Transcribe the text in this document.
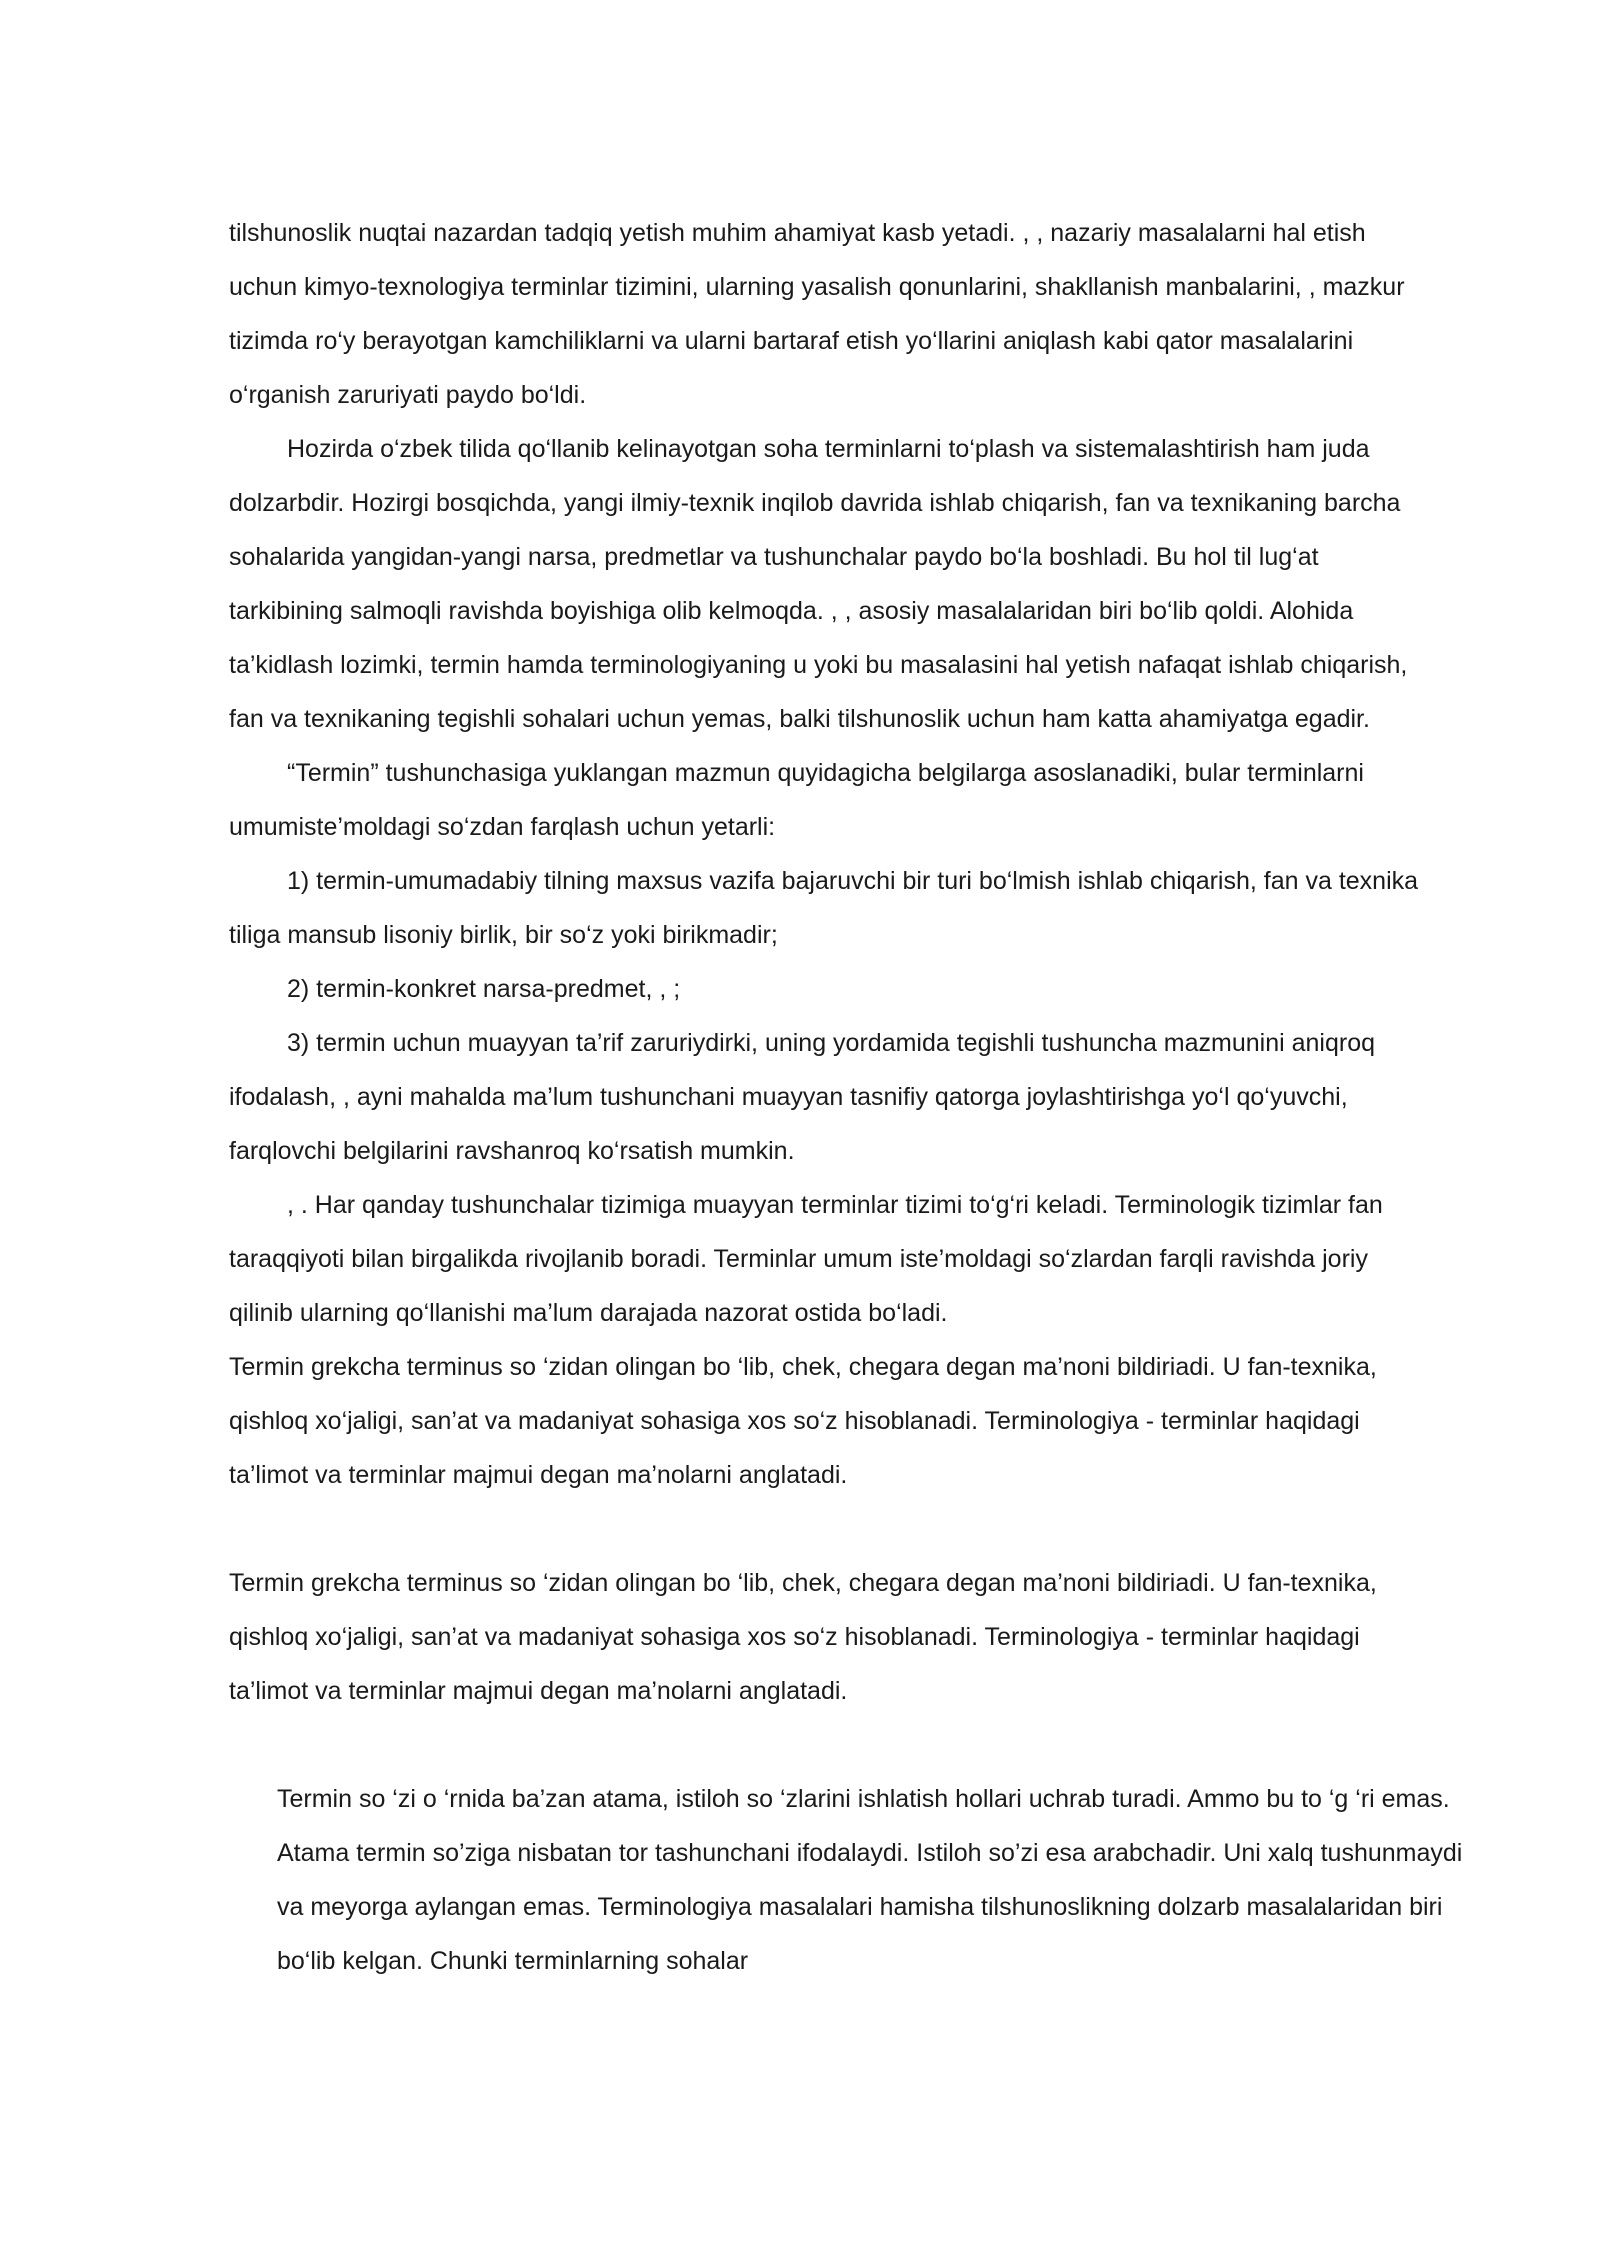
tilshunoslik nuqtai nazardan tadqiq yetish muhim ahamiyat kasb yetadi. , , nazariy masalalarni hal etish uchun kimyo-texnologiya terminlar tizimini, ularning yasalish qonunlarini, shakllanish manbalarini, , mazkur tizimda ro‘y berayotgan kamchiliklarni va ularni bartaraf etish yo‘llarini aniqlash kabi qator masalalarini o‘rganish zaruriyati paydo bo‘ldi.

Hozirda o‘zbek tilida qo‘llanib kelinayotgan soha terminlarni to‘plash va sistemalashtirish ham juda dolzarbdir. Hozirgi bosqichda, yangi ilmiy-texnik inqilob davrida ishlab chiqarish, fan va texnikaning barcha sohalarida yangidan-yangi narsa, predmetlar va tushunchalar paydo bo‘la boshladi. Bu hol til lug‘at tarkibining salmoqli ravishda boyishiga olib kelmoqda. , , asosiy masalalaridan biri bo‘lib qoldi. Alohida ta’kidlash lozimki, termin hamda terminologiyaning u yoki bu masalasini hal yetish nafaqat ishlab chiqarish, fan va texnikaning tegishli sohalari uchun yemas, balki tilshunoslik uchun ham katta ahamiyatga egadir.

“Termin” tushunchasiga yuklangan mazmun quyidagicha belgilarga asoslanadiki, bular terminlarni umumiste’moldagi so‘zdan farqlash uchun yetarli:

1) termin-umumadabiy tilning maxsus vazifa bajaruvchi bir turi bo‘lmish ishlab chiqarish, fan va texnika tiliga mansub lisoniy birlik, bir so‘z yoki birikmadir;

2) termin-konkret narsa-predmet, , ;

3) termin uchun muayyan ta’rif zaruriydirki, uning yordamida tegishli tushuncha mazmunini aniqroq ifodalash, , ayni mahalda ma’lum tushunchani muayyan tasnifiy qatorga joylashtirishga yo‘l qo‘yuvchi, farqlovchi belgilarini ravshanroq ko‘rsatish mumkin.

, . Har qanday tushunchalar tizimiga muayyan terminlar tizimi to‘g‘ri keladi. Terminologik tizimlar fan taraqqiyoti bilan birgalikda rivojlanib boradi. Terminlar umum iste’moldagi so‘zlardan farqli ravishda joriy qilinib ularning qo‘llanishi ma’lum darajada nazorat ostida bo‘ladi.

Termin grekcha terminus so ‘zidan olingan bo ‘lib, chek, chegara degan ma’noni bildiriadi. U fan-texnika, qishloq xo‘jaligi, san’at va madaniyat sohasiga xos so‘z hisoblanadi. Terminologiya - terminlar haqidagi ta’limot va terminlar majmui degan ma’nolarni anglatadi.

Termin grekcha terminus so ‘zidan olingan bo ‘lib, chek, chegara degan ma’noni bildiriadi. U fan-texnika, qishloq xo‘jaligi, san’at va madaniyat sohasiga xos so‘z hisoblanadi. Terminologiya - terminlar haqidagi ta’limot va terminlar majmui degan ma’nolarni anglatadi.

Termin so ‘zi o ‘rnida ba’zan atama, istiloh so ‘zlarini ishlatish hollari uchrab turadi. Ammo bu to ‘g ‘ri emas. Atama termin so’ziga nisbatan tor tashunchani ifodalaydi. Istiloh so’zi esa arabchadir. Uni xalq tushunmaydi va meyorga aylangan emas. Terminologiya masalalari hamisha tilshunoslikning dolzarb masalalaridan biri bo‘lib kelgan. Chunki terminlarning sohalar
